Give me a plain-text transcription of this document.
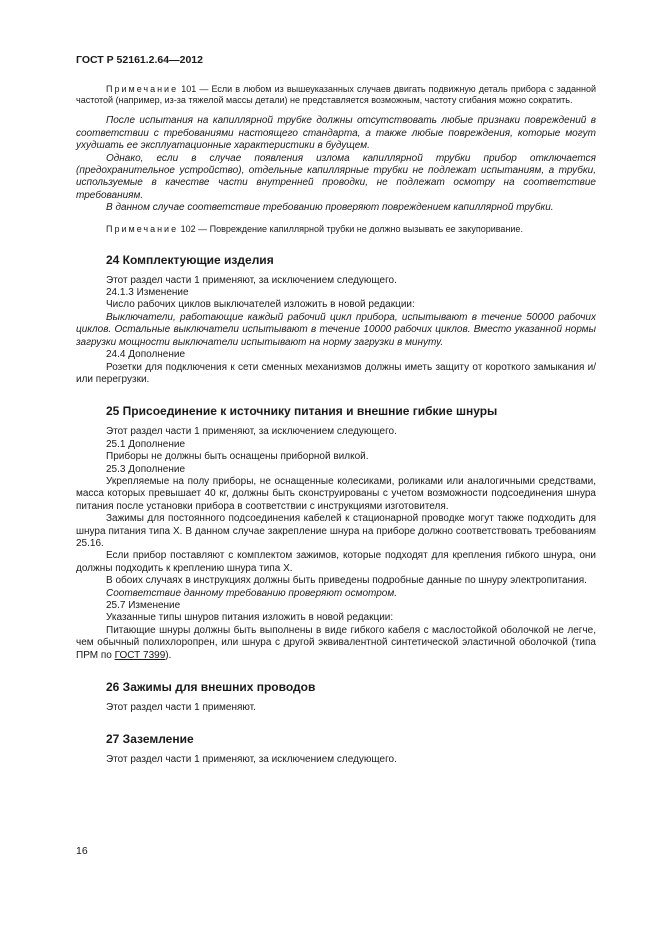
ГОСТ Р 52161.2.64—2012

Примечание 101 — Если в любом из вышеуказанных случаев двигать подвижную деталь прибора с заданной частотой (например, из-за тяжелой массы детали) не представляется возможным, частоту сгибания можно сократить.

После испытания на капиллярной трубке должны отсутствовать любые признаки повреждений в соответствии с требованиями настоящего стандарта, а также любые повреждения, которые могут ухудшать ее эксплуатационные характеристики в будущем.

Однако, если в случае появления излома капиллярной трубки прибор отключается (предохранительное устройство), отдельные капиллярные трубки не подлежат испытаниям, а трубки, используемые в качестве части внутренней проводки, не подлежат осмотру на соответствие требованиям.

В данном случае соответствие требованию проверяют повреждением капиллярной трубки.

Примечание 102 — Повреждение капиллярной трубки не должно вызывать ее закупоривание.

24 Комплектующие изделия

Этот раздел части 1 применяют, за исключением следующего.

24.1.3 Изменение

Число рабочих циклов выключателей изложить в новой редакции:

Выключатели, работающие каждый рабочий цикл прибора, испытывают в течение 50000 рабочих циклов. Остальные выключатели испытывают в течение 10000 рабочих циклов. Вместо указанной нормы загрузки мощности выключатели испытывают на норму загрузки в минуту.

24.4 Дополнение

Розетки для подключения к сети сменных механизмов должны иметь защиту от короткого замыкания и/или перегрузки.

25 Присоединение к источнику питания и внешние гибкие шнуры

Этот раздел части 1 применяют, за исключением следующего.

25.1 Дополнение

Приборы не должны быть оснащены приборной вилкой.

25.3 Дополнение

Укрепляемые на полу приборы, не оснащенные колесиками, роликами или аналогичными средствами, масса которых превышает 40 кг, должны быть сконструированы с учетом возможности подсоединения шнура питания после установки прибора в соответствии с инструкциями изготовителя.

Зажимы для постоянного подсоединения кабелей к стационарной проводке могут также подходить для шнура питания типа X. В данном случае закрепление шнура на приборе должно соответствовать требованиям 25.16.

Если прибор поставляют с комплектом зажимов, которые подходят для крепления гибкого шнура, они должны подходить к креплению шнура типа X.

В обоих случаях в инструкциях должны быть приведены подробные данные по шнуру электропитания.

Соответствие данному требованию проверяют осмотром.

25.7 Изменение

Указанные типы шнуров питания изложить в новой редакции:

Питающие шнуры должны быть выполнены в виде гибкого кабеля с маслостойкой оболочкой не легче, чем обычный полихлоропрен, или шнура с другой эквивалентной синтетической эластичной оболочкой (типа ПРМ по ГОСТ 7399).

26 Зажимы для внешних проводов

Этот раздел части 1 применяют.

27 Заземление

Этот раздел части 1 применяют, за исключением следующего.

16
